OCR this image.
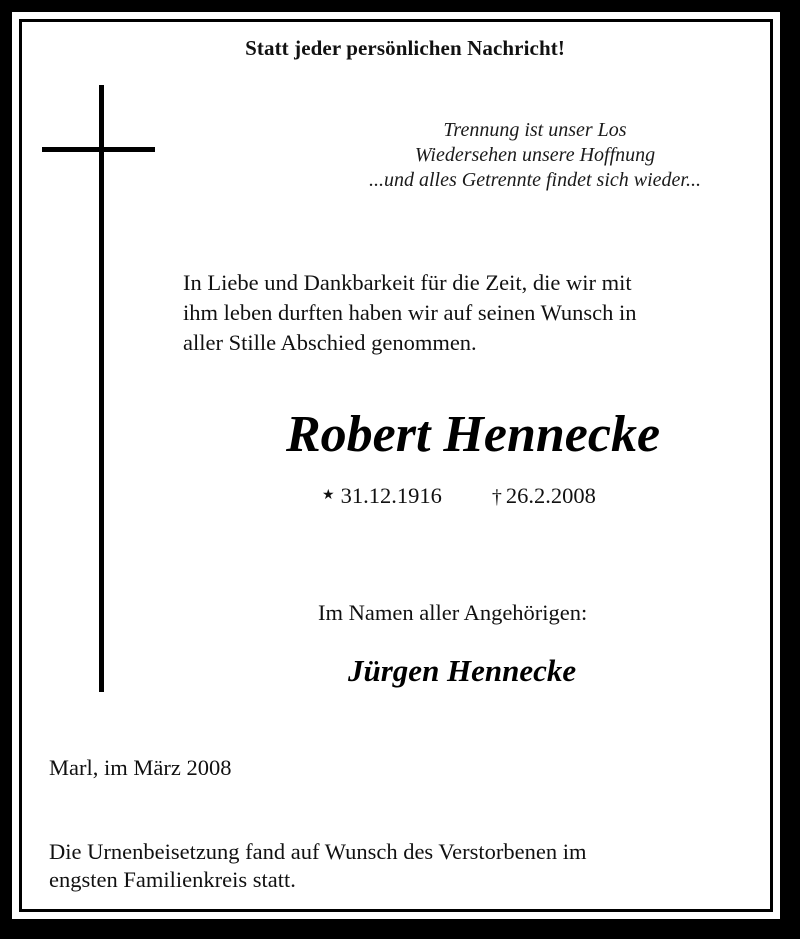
Statt jeder persönlichen Nachricht!
Trennung ist unser Los
Wiedersehen unsere Hoffnung
...und alles Getrennte findet sich wieder...
In Liebe und Dankbarkeit für die Zeit, die wir mit
ihm leben durften haben wir auf seinen Wunsch in
aller Stille Abschied genommen.
Robert Hennecke
★ 31.12.1916	† 26.2.2008
Im Namen aller Angehörigen:
Jürgen Hennecke
Marl, im März 2008
Die Urnenbeisetzung fand auf Wunsch des Verstorbenen im
engsten Familienkreis statt.
